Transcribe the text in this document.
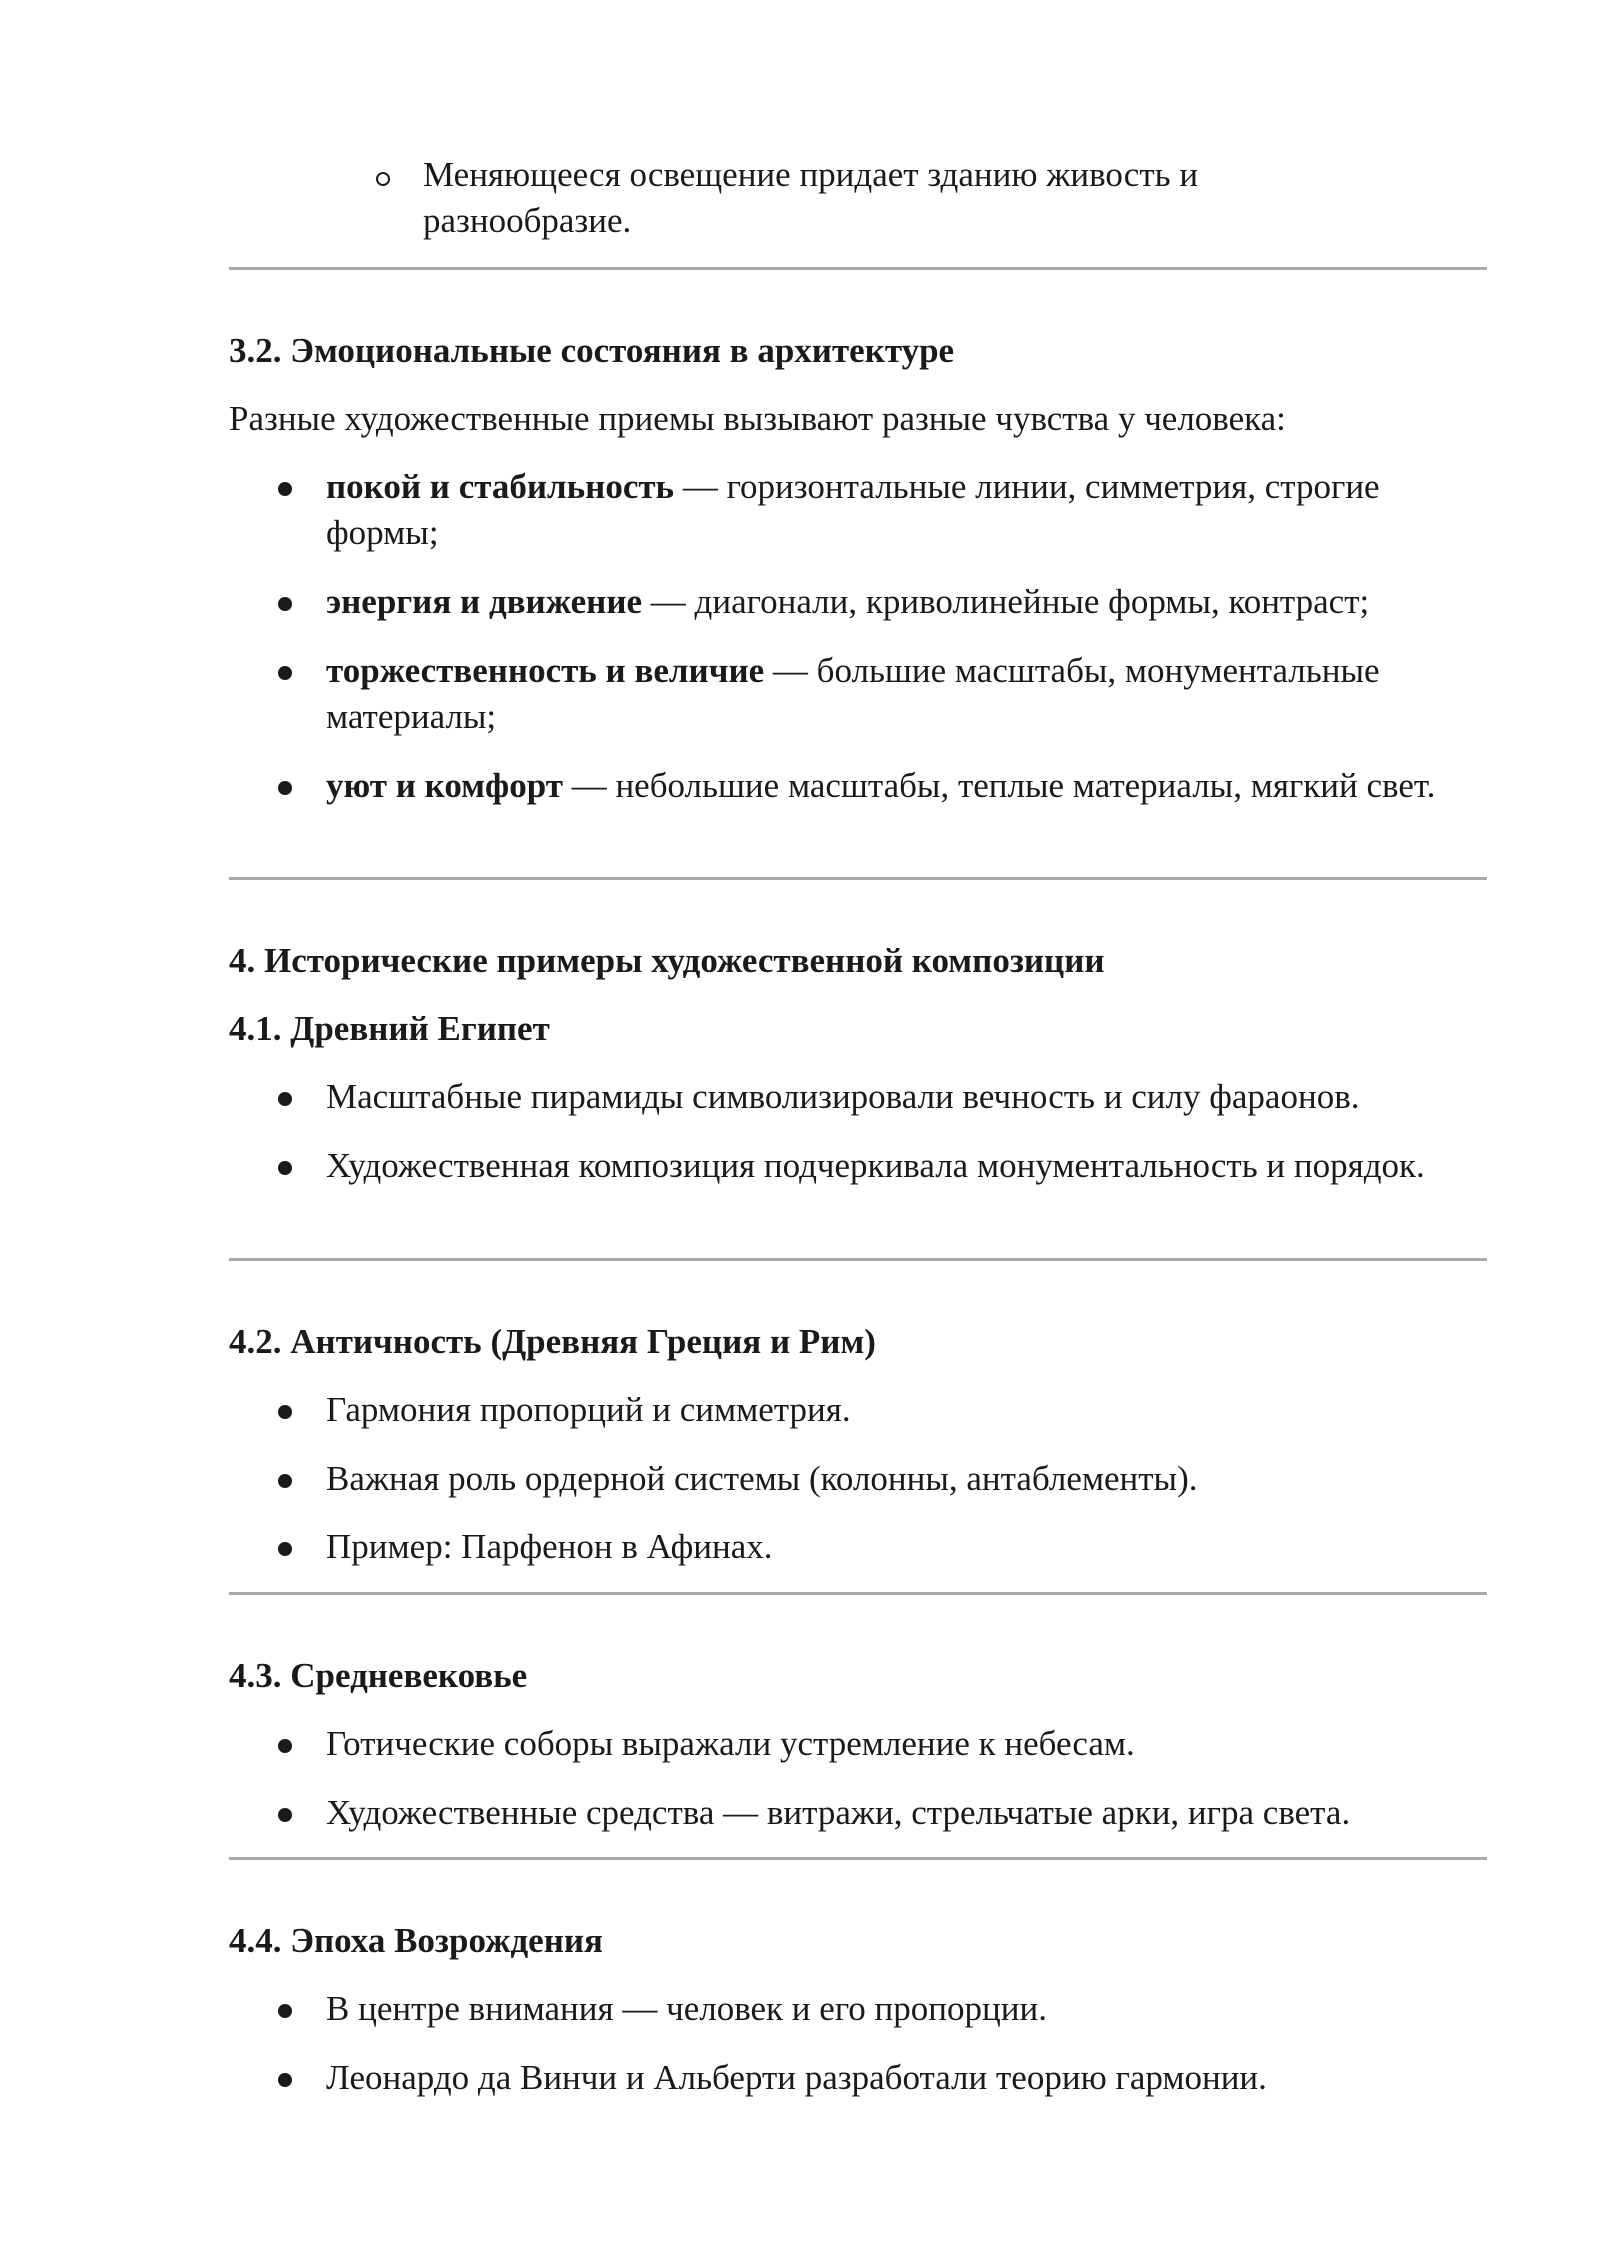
Меняющееся освещение придает зданию живость и разнообразие.

3.2. Эмоциональные состояния в архитектуре

Разные художественные приемы вызывают разные чувства у человека:

покой и стабильность — горизонтальные линии, симметрия, строгие формы;

энергия и движение — диагонали, криволинейные формы, контраст;

торжественность и величие — большие масштабы, монументальные материалы;

уют и комфорт — небольшие масштабы, теплые материалы, мягкий свет.

4. Исторические примеры художественной композиции
4.1. Древний Египет

Масштабные пирамиды символизировали вечность и силу фараонов.

Художественная композиция подчеркивала монументальность и порядок.

4.2. Античность (Древняя Греция и Рим)

Гармония пропорций и симметрия.

Важная роль ордерной системы (колонны, антаблементы).

Пример: Парфенон в Афинах.

4.3. Средневековье

Готические соборы выражали устремление к небесам.

Художественные средства — витражи, стрельчатые арки, игра света.

4.4. Эпоха Возрождения

В центре внимания — человек и его пропорции.

Леонардо да Винчи и Альберти разработали теорию гармонии.
